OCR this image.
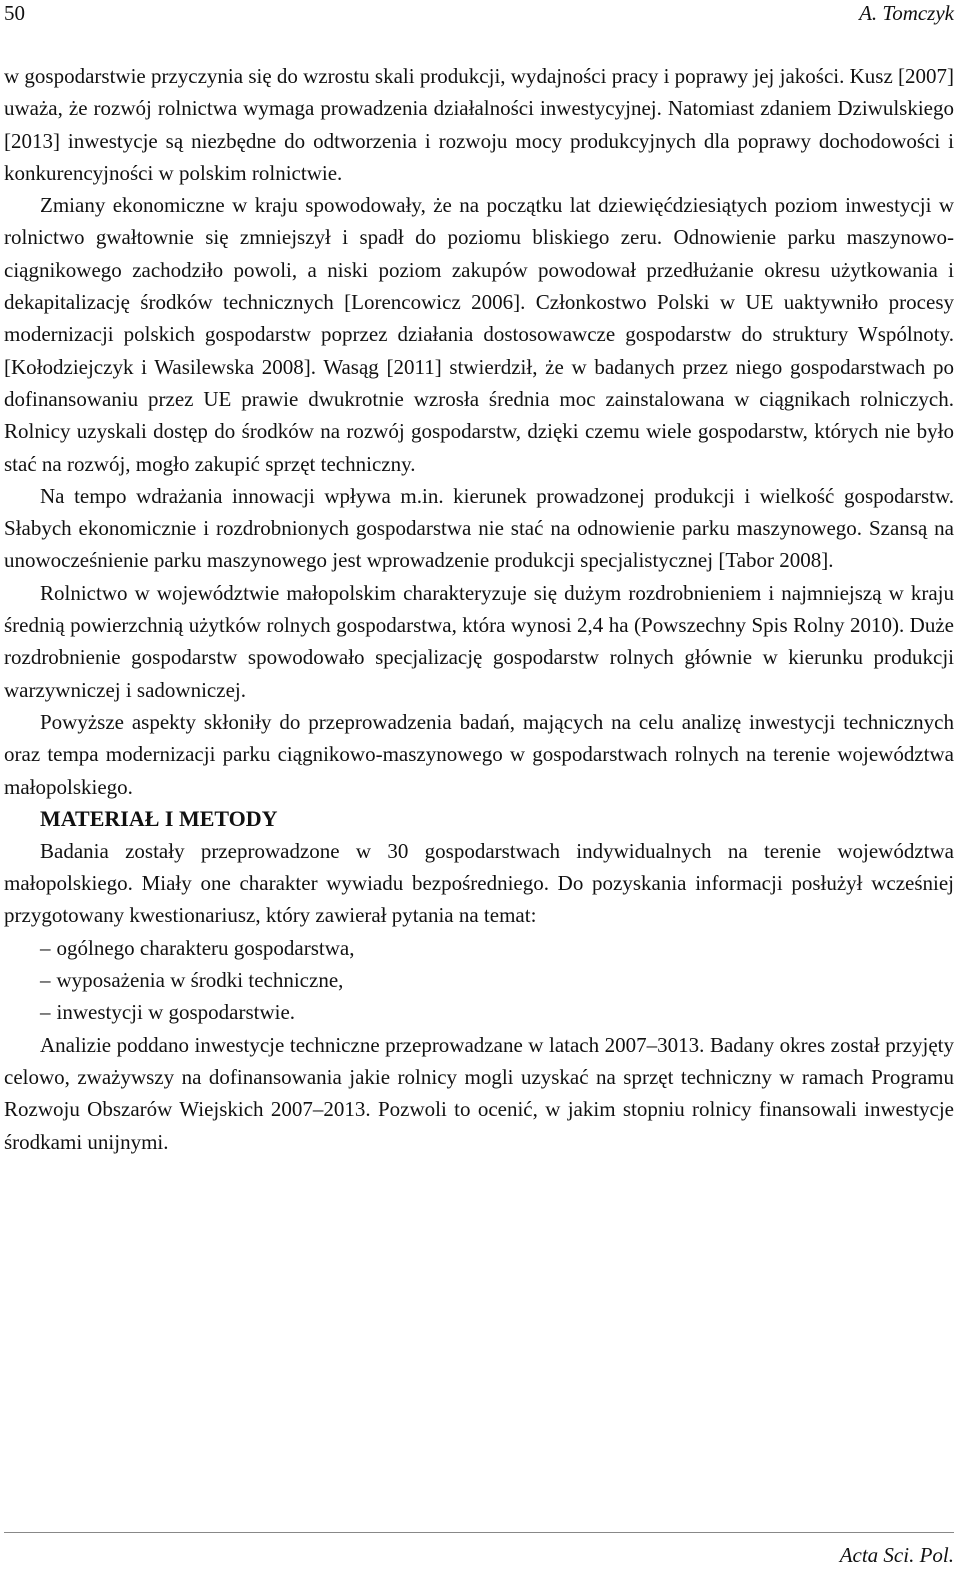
50	A. Tomczyk

w gospodarstwie przyczynia się do wzrostu skali produkcji, wydajności pracy i poprawy jej jakości. Kusz [2007] uważa, że rozwój rolnictwa wymaga prowadzenia działalności inwestycyjnej. Natomiast zdaniem Dziwulskiego [2013] inwestycje są niezbędne do odtworzenia i rozwoju mocy produkcyjnych dla poprawy dochodowości i konkurencyjności w polskim rolnictwie.

Zmiany ekonomiczne w kraju spowodowały, że na początku lat dziewięćdziesiątych poziom inwestycji w rolnictwo gwałtownie się zmniejszył i spadł do poziomu bliskiego zeru. Odnowienie parku maszynowo-ciągnikowego zachodziło powoli, a niski poziom zakupów powodował przedłużanie okresu użytkowania i dekapitalizację środków technicznych [Lorencowicz 2006]. Członkostwo Polski w UE uaktywniło procesy modernizacji polskich gospodarstw poprzez działania dostosowawcze gospodarstw do struktury Wspólnoty. [Kołodziejczyk i Wasilewska 2008]. Wasąg [2011] stwierdził, że w badanych przez niego gospodarstwach po dofinansowaniu przez UE prawie dwukrotnie wzrosła średnia moc zainstalowana w ciągnikach rolniczych. Rolnicy uzyskali dostęp do środków na rozwój gospodarstw, dzięki czemu wiele gospodarstw, których nie było stać na rozwój, mogło zakupić sprzęt techniczny.

Na tempo wdrażania innowacji wpływa m.in. kierunek prowadzonej produkcji i wielkość gospodarstw. Słabych ekonomicznie i rozdrobnionych gospodarstwa nie stać na odnowienie parku maszynowego. Szansą na unowocześnienie parku maszynowego jest wprowadzenie produkcji specjalistycznej [Tabor 2008].

Rolnictwo w województwie małopolskim charakteryzuje się dużym rozdrobnieniem i najmniejszą w kraju średnią powierzchnią użytków rolnych gospodarstwa, która wynosi 2,4 ha (Powszechny Spis Rolny 2010). Duże rozdrobnienie gospodarstw spowodowało specjalizację gospodarstw rolnych głównie w kierunku produkcji warzywniczej i sadowniczej.

Powyższe aspekty skłoniły do przeprowadzenia badań, mających na celu analizę inwestycji technicznych oraz tempa modernizacji parku ciągnikowo-maszynowego w gospodarstwach rolnych na terenie województwa małopolskiego.

MATERIAŁ I METODY

Badania zostały przeprowadzone w 30 gospodarstwach indywidualnych na terenie województwa małopolskiego. Miały one charakter wywiadu bezpośredniego. Do pozyskania informacji posłużył wcześniej przygotowany kwestionariusz, który zawierał pytania na temat:

– ogólnego charakteru gospodarstwa,
– wyposażenia w środki techniczne,
– inwestycji w gospodarstwie.

Analizie poddano inwestycje techniczne przeprowadzane w latach 2007–3013. Badany okres został przyjęty celowo, zważywszy na dofinansowania jakie rolnicy mogli uzyskać na sprzęt techniczny w ramach Programu Rozwoju Obszarów Wiejskich 2007–2013. Pozwoli to ocenić, w jakim stopniu rolnicy finansowali inwestycje środkami unijnymi.

Acta Sci. Pol.
